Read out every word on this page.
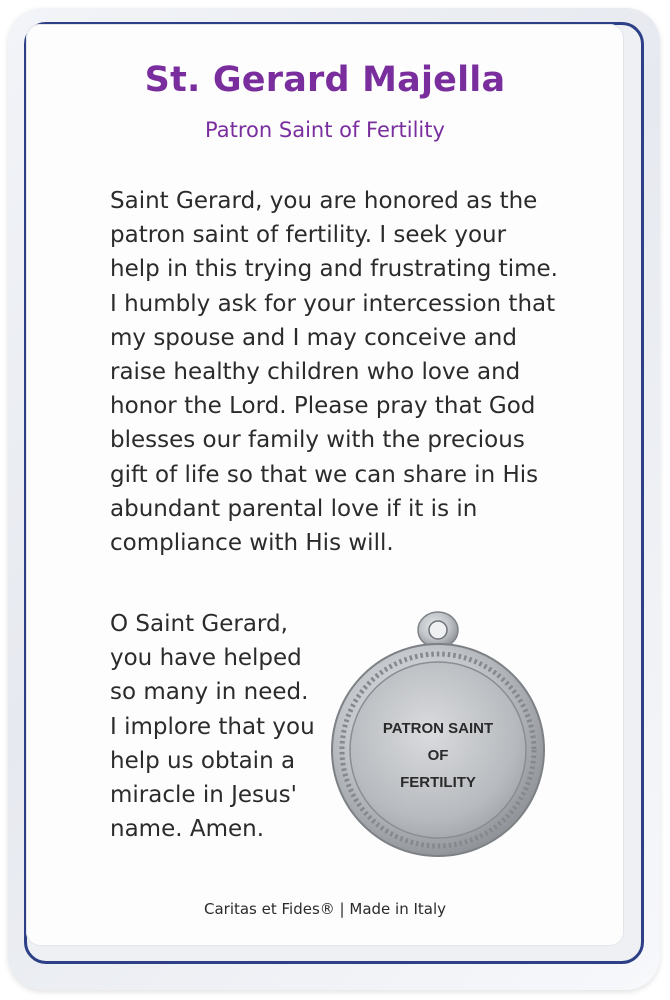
St. Gerard Majella
Patron Saint of Fertility
Saint Gerard, you are honored as the
patron saint of fertility. I seek your
help in this trying and frustrating time.
I humbly ask for your intercession that
my spouse and I may conceive and
raise healthy children who love and
honor the Lord. Please pray that God
blesses our family with the precious
gift of life so that we can share in His
abundant parental love if it is in
compliance with His will.
O Saint Gerard,
you have helped
so many in need.
I implore that you
help us obtain a
miracle in Jesus'
name. Amen.
Caritas et Fides® | Made in Italy
PATRON SAINT
OF
FERTILITY
